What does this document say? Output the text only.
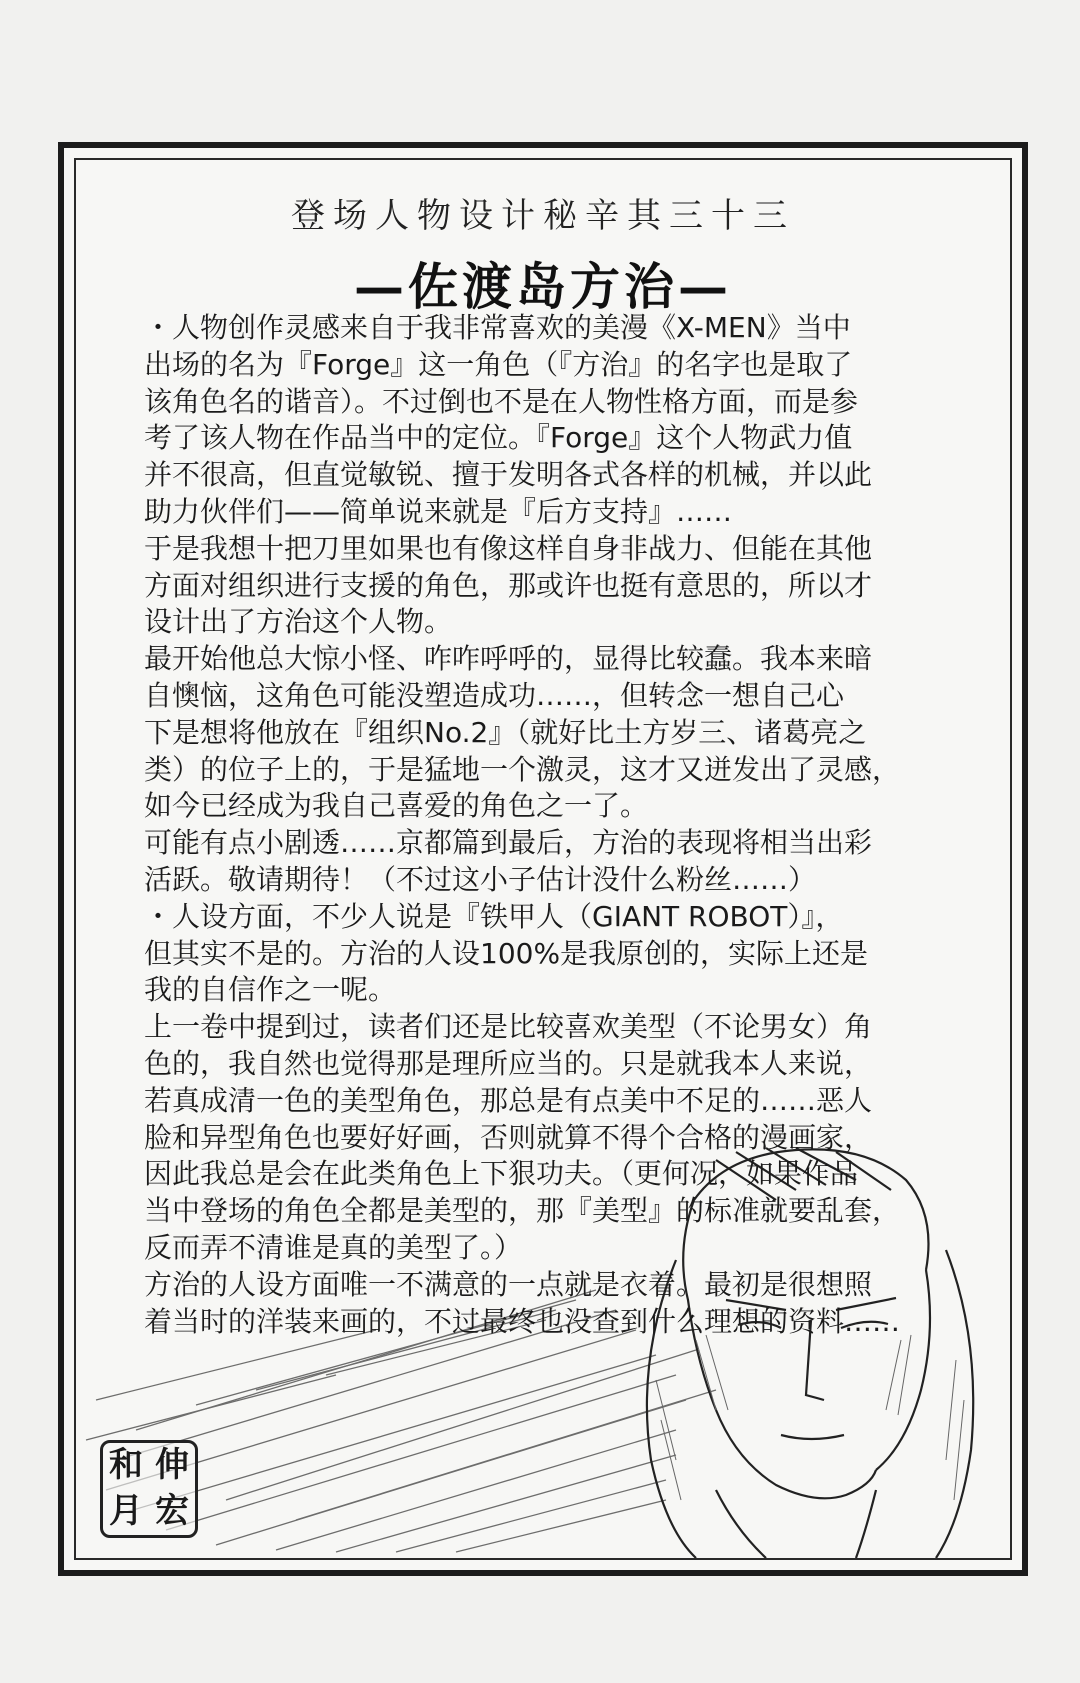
登场人物设计秘辛其三十三
—佐渡岛方治—
・人物创作灵感来自于我非常喜欢的美漫《X-MEN》当中
出场的名为『Forge』这一角色（『方治』的名字也是取了
该角色名的谐音）。不过倒也不是在人物性格方面，而是参
考了该人物在作品当中的定位。『Forge』这个人物武力值
并不很高，但直觉敏锐、擅于发明各式各样的机械，并以此
助力伙伴们——简单说来就是『后方支持』……
于是我想十把刀里如果也有像这样自身非战力、但能在其他
方面对组织进行支援的角色，那或许也挺有意思的，所以才
设计出了方治这个人物。
最开始他总大惊小怪、咋咋呼呼的，显得比较蠢。我本来暗
自懊恼，这角色可能没塑造成功……，但转念一想自己心
下是想将他放在『组织No.2』（就好比土方岁三、诸葛亮之
类）的位子上的，于是猛地一个激灵，这才又迸发出了灵感，
如今已经成为我自己喜爱的角色之一了。
可能有点小剧透……京都篇到最后，方治的表现将相当出彩
活跃。敬请期待！（不过这小子估计没什么粉丝……）
・人设方面，不少人说是『铁甲人（GIANT ROBOT）』，
但其实不是的。方治的人设100%是我原创的，实际上还是
我的自信作之一呢。
上一卷中提到过，读者们还是比较喜欢美型（不论男女）角
色的，我自然也觉得那是理所应当的。只是就我本人来说，
若真成清一色的美型角色，那总是有点美中不足的……恶人
脸和异型角色也要好好画，否则就算不得个合格的漫画家，
因此我总是会在此类角色上下狠功夫。（更何况，如果作品
当中登场的角色全都是美型的，那『美型』的标准就要乱套，
反而弄不清谁是真的美型了。）
方治的人设方面唯一不满意的一点就是衣着。最初是很想照
着当时的洋装来画的，不过最终也没查到什么理想的资料……
和 伸
月 宏
